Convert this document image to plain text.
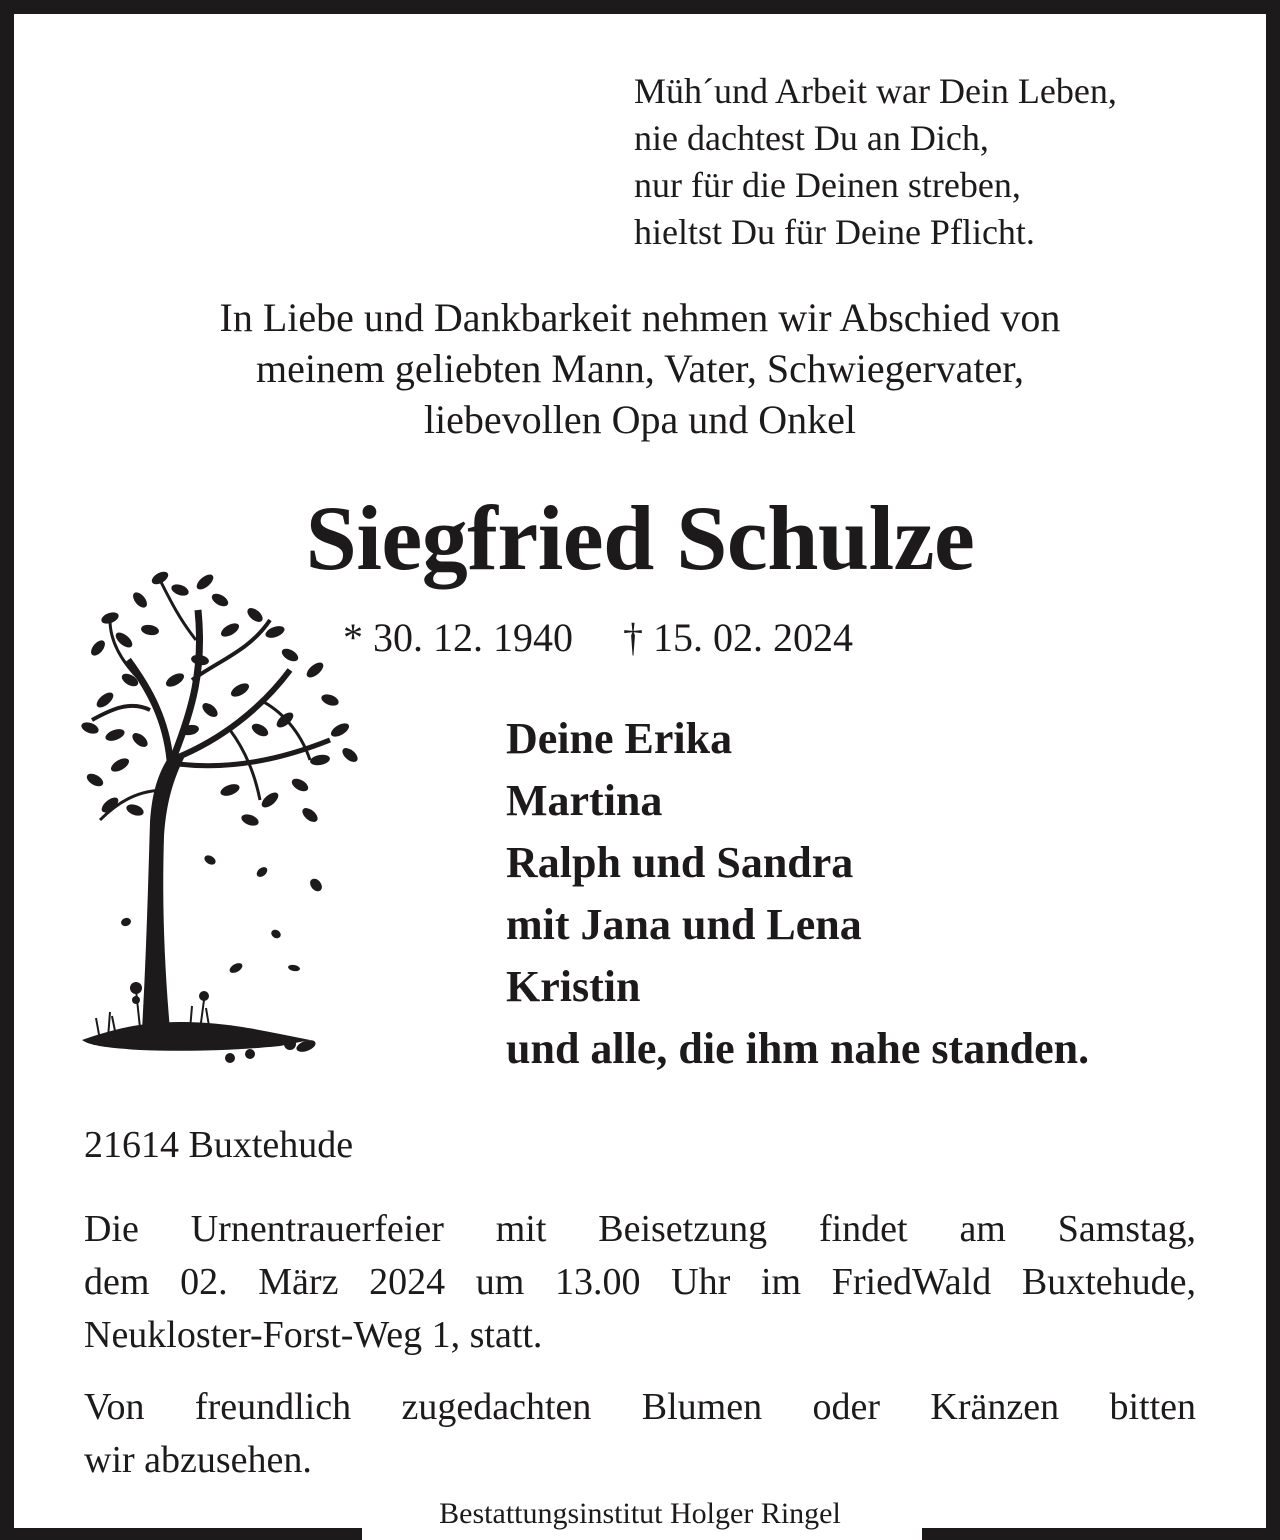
Müh´und Arbeit war Dein Leben,
nie dachtest Du an Dich,
nur für die Deinen streben,
hieltst Du für Deine Pflicht.
In Liebe und Dankbarkeit nehmen wir Abschied von
meinem geliebten Mann, Vater, Schwiegervater,
liebevollen Opa und Onkel
Siegfried Schulze
* 30. 12. 1940 † 15. 02. 2024
Deine Erika
Martina
Ralph und Sandra
mit Jana und Lena
Kristin
und alle, die ihm nahe standen.
21614 Buxtehude
Die Urnentrauerfeier mit Beisetzung findet am Samstag,
dem 02. März 2024 um 13.00 Uhr im FriedWald Buxtehude,
Neukloster-Forst-Weg 1, statt.
Von freundlich zugedachten Blumen oder Kränzen bitten
wir abzusehen.
Bestattungsinstitut Holger Ringel
